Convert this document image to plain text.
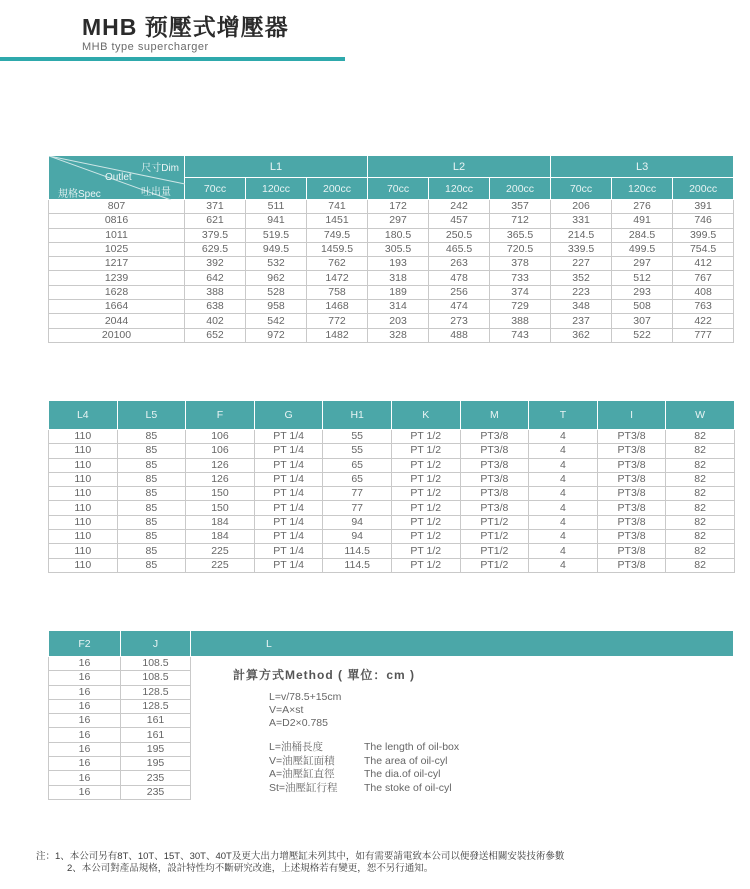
MHB 预壓式增壓器
MHB type supercharger
尺寸Dim
Outlet
吐出量
規格Spec	L1			L2			L3		
	70cc	120cc	200cc	70cc	120cc	200cc	70cc	120cc	200cc
807	371	511	741	172	242	357	206	276	391
0816	621	941	1451	297	457	712	331	491	746
1011	379.5	519.5	749.5	180.5	250.5	365.5	214.5	284.5	399.5
1025	629.5	949.5	1459.5	305.5	465.5	720.5	339.5	499.5	754.5
1217	392	532	762	193	263	378	227	297	412
1239	642	962	1472	318	478	733	352	512	767
1628	388	528	758	189	256	374	223	293	408
1664	638	958	1468	314	474	729	348	508	763
2044	402	542	772	203	273	388	237	307	422
20100	652	972	1482	328	488	743	362	522	777
L4	L5	F	G	H1	K	M	T	I	W
110	85	106	PT 1/4	55	PT 1/2	PT3/8	4	PT3/8	82
110	85	106	PT 1/4	55	PT 1/2	PT3/8	4	PT3/8	82
110	85	126	PT 1/4	65	PT 1/2	PT3/8	4	PT3/8	82
110	85	126	PT 1/4	65	PT 1/2	PT3/8	4	PT3/8	82
110	85	150	PT 1/4	77	PT 1/2	PT3/8	4	PT3/8	82
110	85	150	PT 1/4	77	PT 1/2	PT3/8	4	PT3/8	82
110	85	184	PT 1/4	94	PT 1/2	PT1/2	4	PT3/8	82
110	85	184	PT 1/4	94	PT 1/2	PT1/2	4	PT3/8	82
110	85	225	PT 1/4	114.5	PT 1/2	PT1/2	4	PT3/8	82
110	85	225	PT 1/4	114.5	PT 1/2	PT1/2	4	PT3/8	82
F2	J	L
16	108.5	
計算方式Method ( 單位：cm )
L=v/78.5+15cm
V=A×st
A=D2×0.785
L=油桶長度	The length of oil-box
V=油壓缸面積	The area of oil-cyl
A=油壓缸直徑	The dia.of oil-cyl
St=油壓缸行程	The stoke of oil-cyl

16	108.5	
16	128.5	
16	128.5	
16	161	
16	161	
16	195	
16	195	
16	235	
16	235	
注：1、本公司另有8T、10T、15T、30T、40T及更大出力增壓缸未列其中，如有需要請電致本公司以便發送相關安裝技術參數
2、本公司對產品規格，設計特性均不斷研究改進，上述規格若有變更，恕不另行通知。
